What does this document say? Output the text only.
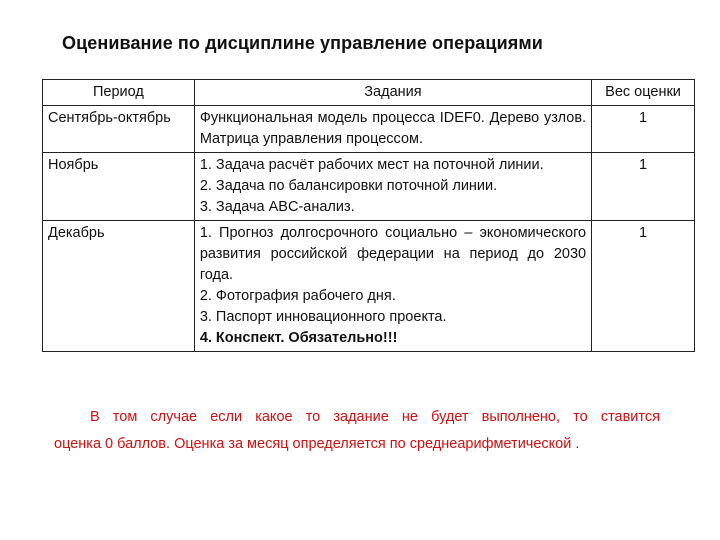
Оценивание по дисциплине управление операциями
Период	Задания	Вес оценки
Сентябрь-октябрь	Функциональная модель процесса IDEF0. Дерево узлов. Матрица управления процессом.	1
Ноябрь	1. Задача расчёт рабочих мест на поточной линии.
2. Задача по балансировки поточной линии.
3. Задача ABC-анализ.	1
Декабрь	1. Прогноз долгосрочного социально – экономического развития российской федерации на период до 2030 года.
2. Фотография рабочего дня.
3. Паспорт инновационного проекта.
4. Конспект. Обязательно!!!	1
В том случае если какое то задание не будет выполнено, то ставится
оценка 0 баллов. Оценка за месяц определяется по среднеарифметической .
